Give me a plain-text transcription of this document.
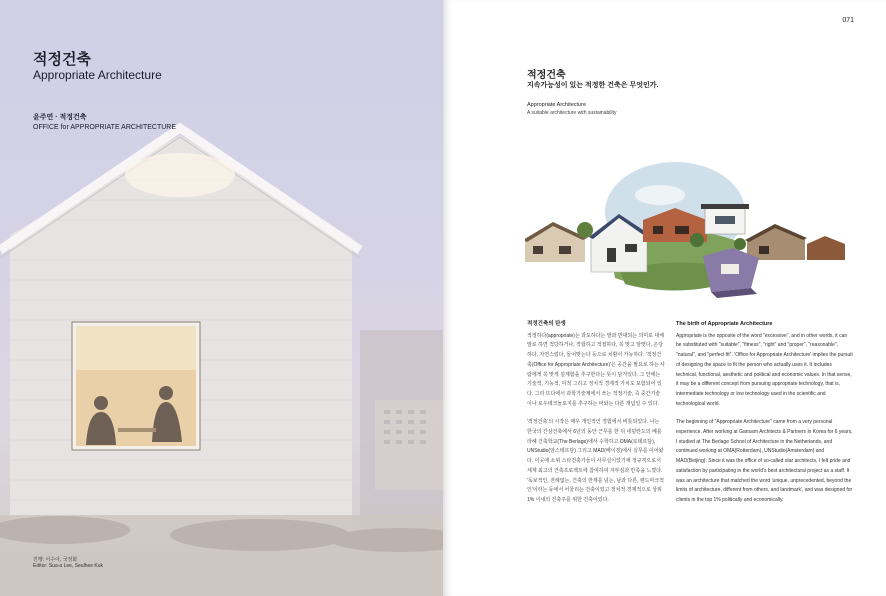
적정건축
Appropriate Architecture
윤주연 · 적정건축
OFFICE for APPROPRIATE ARCHITECTURE
진행: 이수아, 국정화
Editor: Sua-a Lee, Seulhee Kuk
071
적정건축
지속가능성이 있는 적정한 건축은 무엇인가.
Appropriate Architecture
A suitable architecture with sustainability
적정건축의 탄생

적정하다(appropriate)는 과도하다는 말과 반대되는 의미로 대체 말로 하면 적당하거나, 적합하고 적절하다, 꼭 맞고 알맞다, 온당하다, 자연스럽다, 들어맞는다 등으로 치환이 가능하다. '적정건축(Office for Appropriate Architecture)'은 공간을 필요로 하는 사람에게 꼭 맞게 설계함을 추구한다는 뜻이 담겨있다. 그 안에는 기술적, 기능적, 미적 그리고 정치적 경제적 가치도 포함되어 있다. 그리 뜨다에서 과학기술계에서 쓰는 적정기술, 즉 중간기술이나 로우테크놀로지를 추구하는 바와는 다른 개념일 수 있다.

'적정건축'의 시작은 매우 개인적인 경험에서 비롯되었다. 나는 한국의 간삼건축에서 6년의 동안 근무를 한 뒤 네덜란드의 베를라헤 건축학교(The Berlage)에서 수학하고 OMA(로테르담), UNStudio(암스테르담) 그리고 MAD(베이징)에서 실무를 이어왔다. 이곳에 소위 스타건축가들이 사무실이었기에 정규직으로서 세계 최고의 건축프로젝트에 참여하여 자부심과 만족을 느꼈다. '독보적인, 전례없는, 건축의 한계를 넘는, 남과 다른, 랜드마크적인'이라는 등에서 어울리는 건축이었고 정치적 경제적으로 상위 1% 이내의 건축주를 위한 건축이었다.

The birth of Appropriate Architecture

Appropriate is the opposite of the word "excessive", and in other words, it can be substituted with "suitable", "fitness", "right" and "proper", "reasonable", "natural", and "perfect fit". 'Office for Appropriate Architecture' implies the pursuit of designing the space to fit the person who actually uses it. It includes technical, functional, aesthetic and political and economic values. In that sense, it may be a different concept from pursuing appropriate technology, that is, intermediate technology or low technology used in the scientific and technological world.

The beginning of "Appropriate Architecture" came from a very personal experience. After working at Gansam Architects & Partners in Korea for 6 years, I studied at The Berlage School of Architecture in the Netherlands, and continued working at OMA(Rotterdam), UNStudio(Amsterdam) and MAD(Beijing). Since it was the office of so-called star architects, I felt pride and satisfaction by participating in the world's best architectural project as a staff. It was an architecture that matched the word 'unique, unprecedented, beyond the limits of architecture, different from others, and landmark', and was designed for clients in the top 1% politically and economically.
